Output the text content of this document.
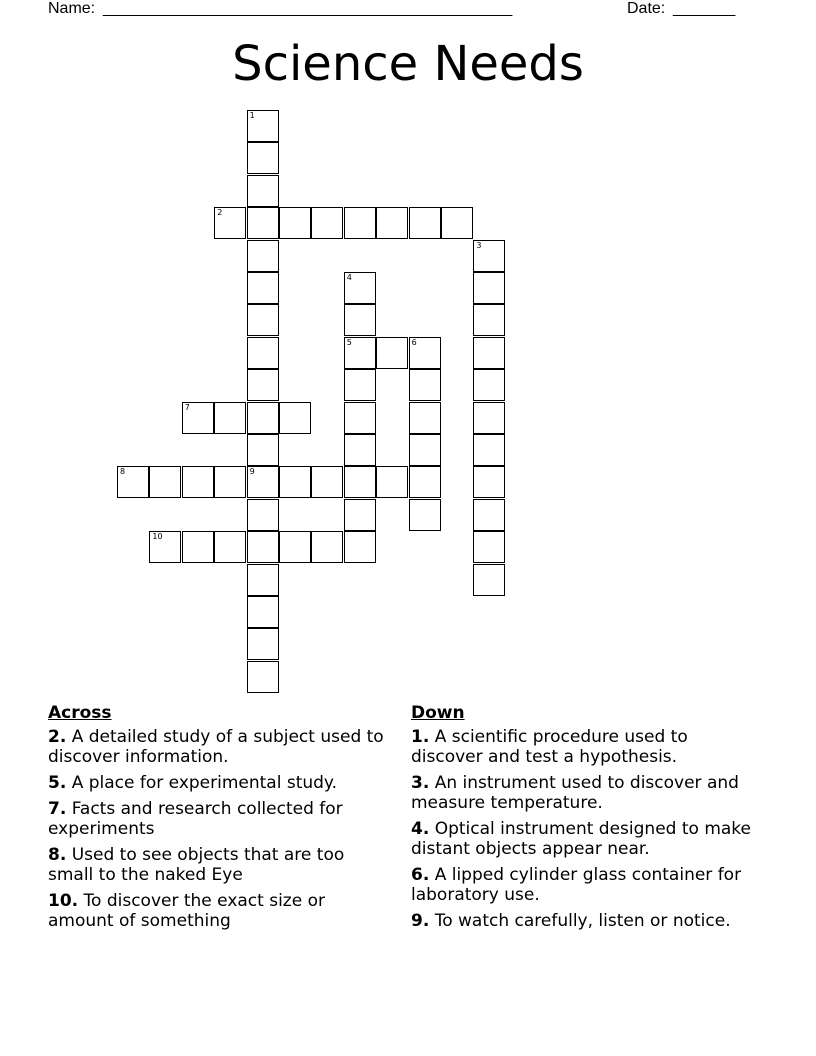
Name: ______________________________________________	Date: _______
Science Needs
1
9
2
3
4
5	6
7
8
10
Across
2. A detailed study of a subject used to discover information.
5. A place for experimental study.
7. Facts and research collected for experiments
8. Used to see objects that are too small to the naked Eye
10. To discover the exact size or amount of something
Down
1. A scientific procedure used to discover and test a hypothesis.
3. An instrument used to discover and measure temperature.
4. Optical instrument designed to make distant objects appear near.
6. A lipped cylinder glass container for laboratory use.
9. To watch carefully, listen or notice.
